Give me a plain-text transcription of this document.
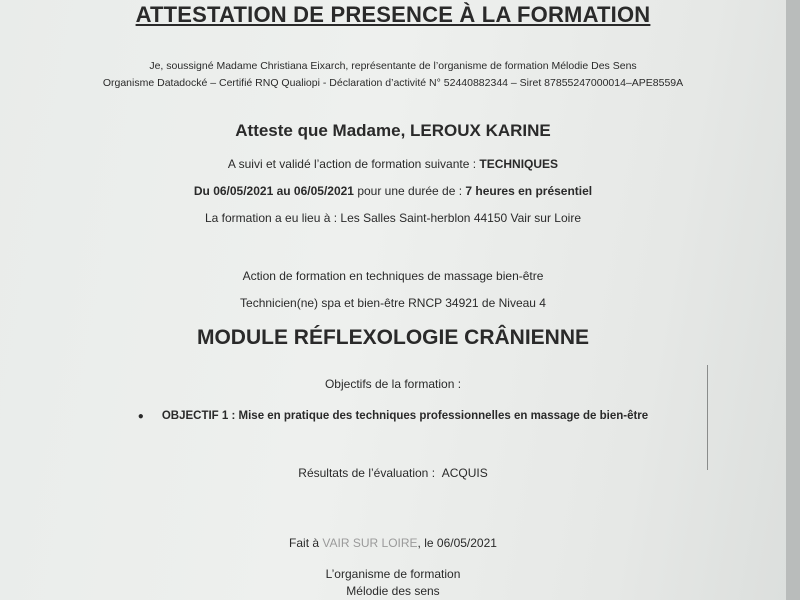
ATTESTATION DE PRESENCE À LA FORMATION
Je, soussigné Madame Christiana Eixarch, représentante de l’organisme de formation Mélodie Des Sens
Organisme Datadocké – Certifié RNQ Qualiopi - Déclaration d’activité N° 52440882344 – Siret 87855247000014–APE8559A
Atteste que Madame, LEROUX KARINE
A suivi et validé l’action de formation suivante : TECHNIQUES
Du 06/05/2021 au 06/05/2021 pour une durée de : 7 heures en présentiel
La formation a eu lieu à : Les Salles Saint-herblon 44150 Vair sur Loire
Action de formation en techniques de massage bien-être
Technicien(ne) spa et bien-être RNCP 34921 de Niveau 4
MODULE RÉFLEXOLOGIE CRÂNIENNE
Objectifs de la formation :
● OBJECTIF 1 : Mise en pratique des techniques professionnelles en massage de bien-être
Résultats de l’évaluation : ACQUIS
Fait à VAIR SUR LOIRE, le 06/05/2021
L’organisme de formation
Mélodie des sens
